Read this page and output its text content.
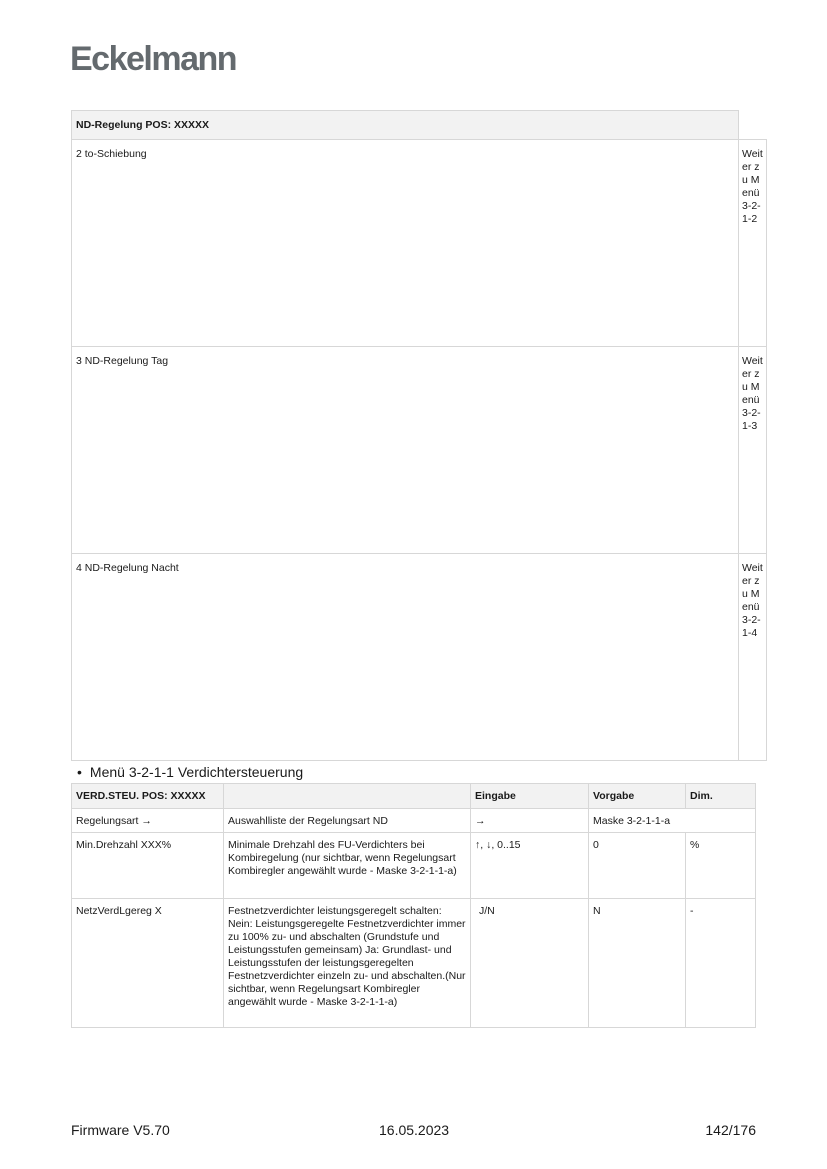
Eckelmann
ND-Regelung POS: XXXXX	
2 to-Schiebung	Weiter zu Menü 3-2-1-2
3 ND-Regelung Tag	Weiter zu Menü 3-2-1-3
4 ND-Regelung Nacht	Weiter zu Menü 3-2-1-4
• Menü 3-2-1-1 Verdichtersteuerung
VERD.STEU. POS: XXXXX		Eingabe	Vorgabe	Dim.
Regelungsart →	Auswahlliste der Regelungsart ND	→	Maske 3-2-1-1-a	
Min.Drehzahl XXX%	Minimale Drehzahl des FU-Verdichters bei Kombiregelung (nur sichtbar, wenn Regelungsart Kombiregler angewählt wurde - Maske 3-2-1-1-a)	↑, ↓, 0..15	0	%
NetzVerdLgereg X	Festnetzverdichter leistungsgeregelt schalten: Nein: Leistungsgeregelte Festnetzverdichter immer zu 100% zu- und abschalten (Grundstufe und Leistungsstufen gemeinsam) Ja: Grundlast- und Leistungsstufen der leistungsgeregelten Festnetzverdichter einzeln zu- und abschalten.(Nur sichtbar, wenn Regelungsart Kombiregler angewählt wurde - Maske 3-2-1-1-a)	J/N	N	-
Firmware V5.70	16.05.2023	142/176
